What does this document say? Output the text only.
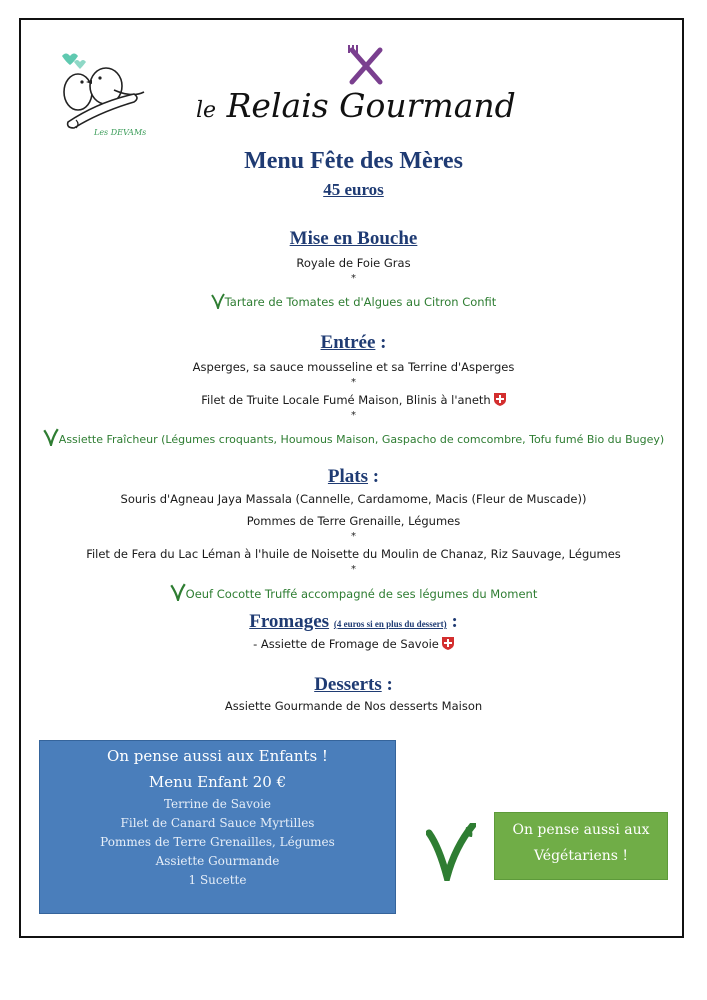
Les DEVAMs
le Relais Gourmand
Menu Fête des Mères
45 euros
Mise en Bouche
Royale de Foie Gras
*
Tartare de Tomates et d'Algues au Citron Confit
Entrée :
Asperges, sa sauce mousseline et sa Terrine d'Asperges
*
Filet de Truite Locale Fumé Maison, Blinis à l'aneth
*
Assiette Fraîcheur (Légumes croquants, Houmous Maison, Gaspacho de comcombre, Tofu fumé Bio du Bugey)
Plats :
Souris d'Agneau Jaya Massala (Cannelle, Cardamome, Macis (Fleur de Muscade))
Pommes de Terre Grenaille, Légumes
*
Filet de Fera du Lac Léman à l'huile de Noisette du Moulin de Chanaz, Riz Sauvage, Légumes
*
Oeuf Cocotte Truffé accompagné de ses légumes du Moment
Fromages (4 euros si en plus du dessert) :
- Assiette de Fromage de Savoie
Desserts :
Assiette Gourmande de Nos desserts Maison
On pense aussi aux Enfants !
Menu Enfant 20 €
Terrine de Savoie
Filet de Canard Sauce Myrtilles
Pommes de Terre Grenailles, Légumes
Assiette Gourmande
1 Sucette
On pense aussi aux
Végétariens !
